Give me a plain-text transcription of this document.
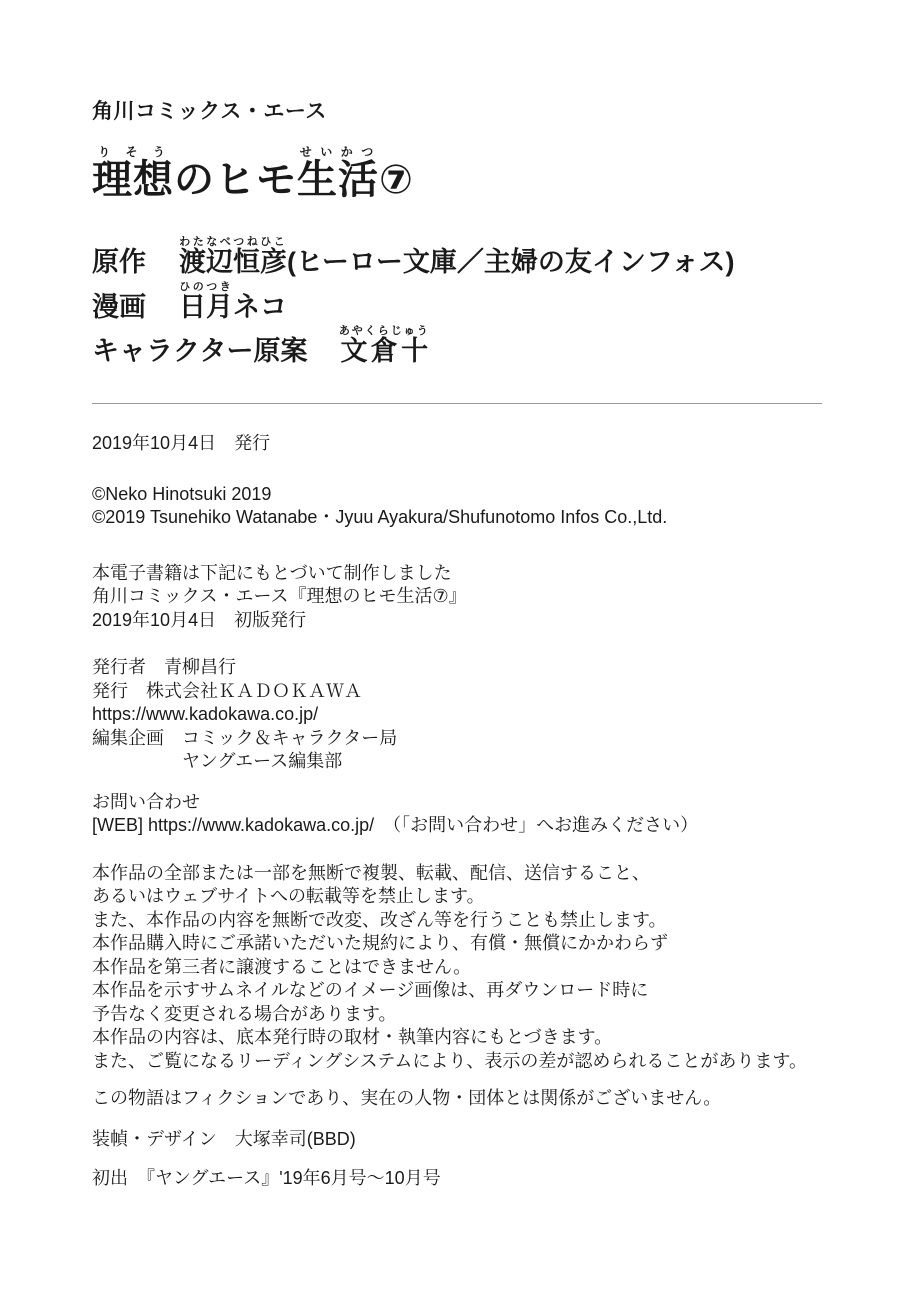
角川コミックス・エース
理想りそうのヒモ生活せいかつ⑦
原作 渡辺恒彦わたなべつねひこ(ヒーロー文庫／主婦の友インフォス)
漫画 日月ひのつきネコ
キャラクター原案 文倉十あやくらじゅう
2019年10月4日　発行
©Neko Hinotsuki 2019
©2019 Tsunehiko Watanabe・Jyuu Ayakura/Shufunotomo Infos Co.,Ltd.
本電子書籍は下記にもとづいて制作しました
角川コミックス・エース『理想のヒモ生活⑦』
2019年10月4日　初版発行
発行者　青柳昌行
発行　株式会社ＫＡＤＯＫＡＷＡ
https://www.kadokawa.co.jp/
編集企画　コミック＆キャラクター局
　　　　　ヤングエース編集部
お問い合わせ
[WEB] https://www.kadokawa.co.jp/　（「お問い合わせ」へお進みください）
本作品の全部または一部を無断で複製、転載、配信、送信すること、
あるいはウェブサイトへの転載等を禁止します。
また、本作品の内容を無断で改変、改ざん等を行うことも禁止します。
本作品購入時にご承諾いただいた規約により、有償・無償にかかわらず
本作品を第三者に譲渡することはできません。
本作品を示すサムネイルなどのイメージ画像は、再ダウンロード時に
予告なく変更される場合があります。
本作品の内容は、底本発行時の取材・執筆内容にもとづきます。
また、ご覧になるリーディングシステムにより、表示の差が認められることがあります。
この物語はフィクションであり、実在の人物・団体とは関係がございません。
装幀・デザイン　大塚幸司(BBD)
初出　『ヤングエース』'19年6月号～10月号
